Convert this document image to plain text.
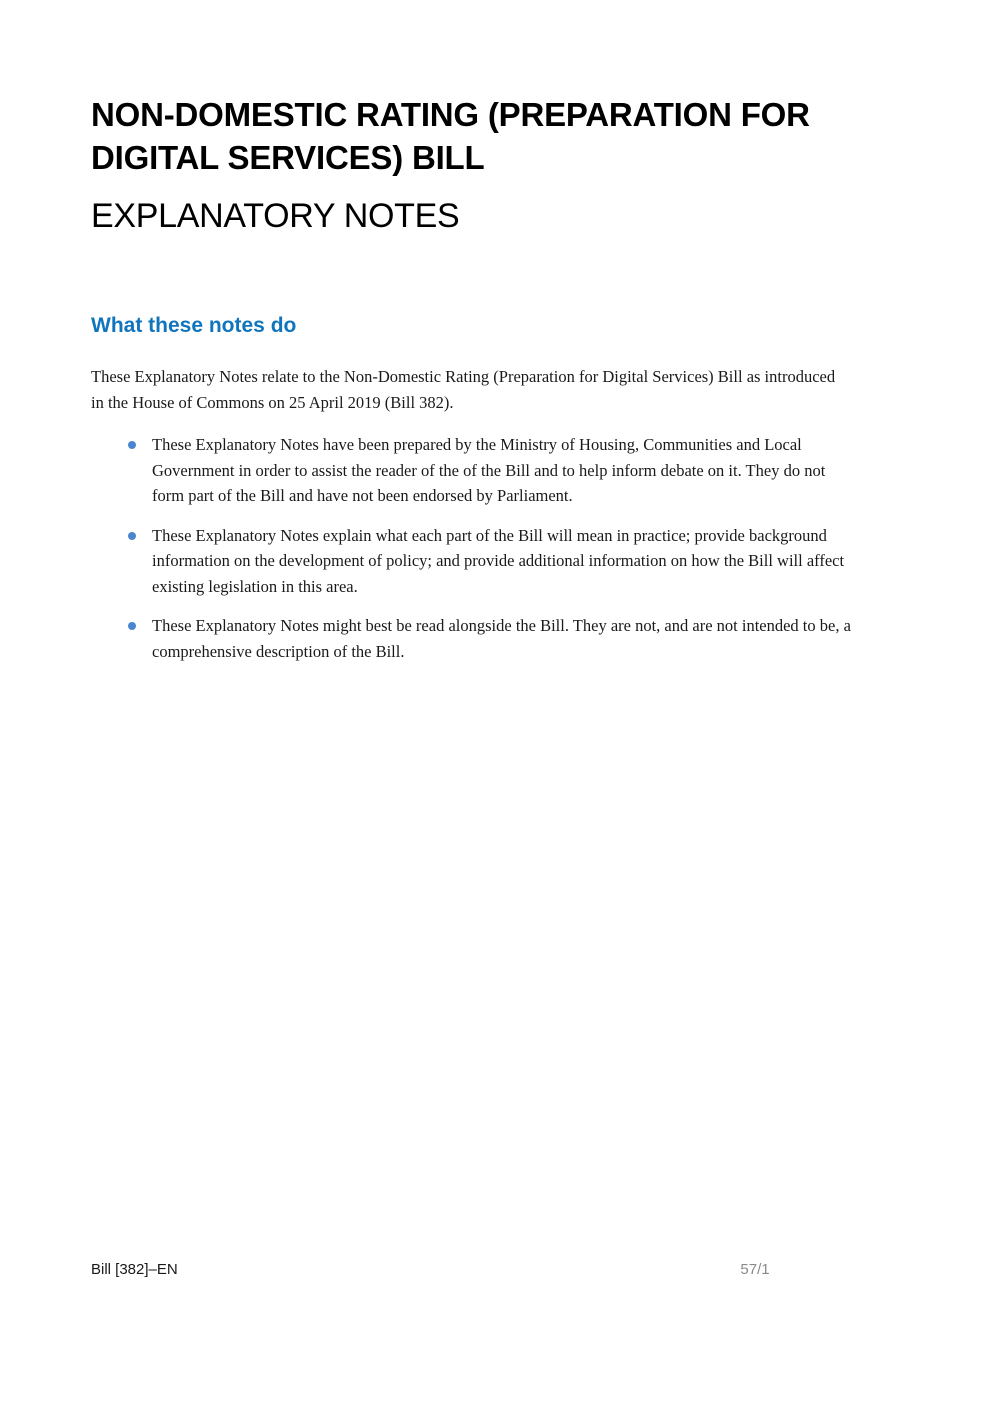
NON-DOMESTIC RATING (PREPARATION FOR DIGITAL SERVICES) BILL
EXPLANATORY NOTES
What these notes do

These Explanatory Notes relate to the Non-Domestic Rating (Preparation for Digital Services) Bill as introduced in the House of Commons on 25 April 2019 (Bill 382).

These Explanatory Notes have been prepared by the Ministry of Housing, Communities and Local Government in order to assist the reader of the of the Bill and to help inform debate on it. They do not form part of the Bill and have not been endorsed by Parliament.
These Explanatory Notes explain what each part of the Bill will mean in practice; provide background information on the development of policy; and provide additional information on how the Bill will affect existing legislation in this area.
These Explanatory Notes might best be read alongside the Bill. They are not, and are not intended to be, a comprehensive description of the Bill.
Bill [382]–EN	57/1
